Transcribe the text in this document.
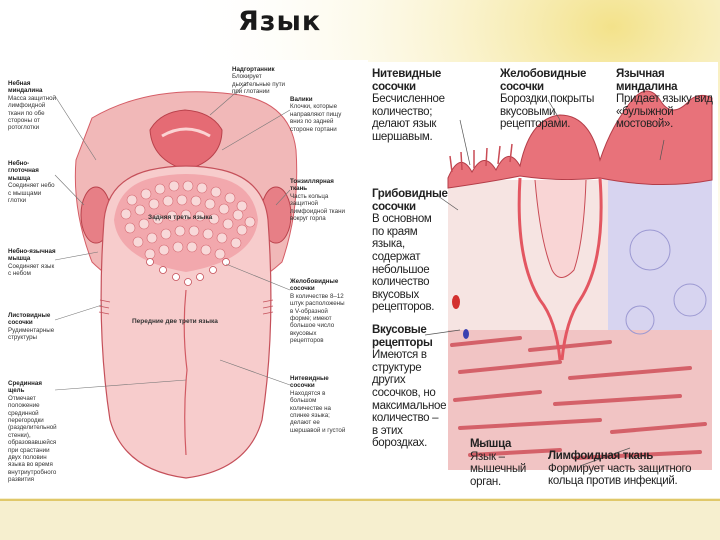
Язык
Небная миндалина
Масса защитной лимфоидной ткани по обе стороны от ротоглотки
Небно-глоточная мышца
Соединяет небо с мышцами глотки
Небно-язычная мышца
Соединяет язык с небом
Листовидные сосочки
Рудиментарные структуры
Срединная щель
Отмечает положение срединной перегородки (разделительной стенки), образовавшейся при срастании двух половин языка во время внутриутробного развития
Надгортанник
Блокирует дыхательные пути при глотании
Валики
Клочки, которые направляют пищу вниз по задней стороне гортани
Тонзиллярная ткань
Часть кольца защитной лимфоидной ткани вокруг горла
Желобовидные сосочки
В количестве 8–12 штук расположены в V-образной форме; имеют большое число вкусовых рецепторов
Нитевидные сосочки
Находятся в большом количестве на спинке языка; делают ее шершавой и густой
Задняя треть языка
Передние две трети языка
Нитевидные сосочки
Бесчисленное количество; делают язык шершавым.
Желобовидные сосочки
Бороздки покрыты вкусовыми рецепторами.
Язычная миндалина
Придает языку вид «булыжной мостовой».
Грибовидные сосочки
В основном по краям языка, содержат небольшое количество вкусовых рецепторов.
Вкусовые рецепторы
Имеются в структуре других сосочков, но максимальное количество – в этих бороздках.	Мышца
Язык – мышечный орган.
Лимфоидная ткань
Формирует часть защитного кольца против инфекций.
